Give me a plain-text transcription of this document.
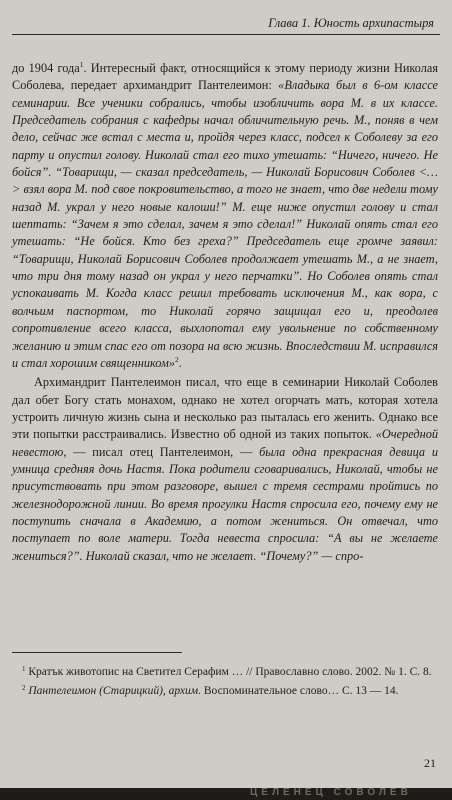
Глава 1. Юность архипастыря

до 1904 года$^1$. Интересный факт, относящийся к этому периоду жизни Николая Соболева, передает архимандрит Пантелеимон: «Владыка был в 6-ом классе семинарии. Все ученики собрались, чтобы изобличить вора М. в их классе. Председатель собрания с кафедры начал обличительную речь. М., поняв в чем дело, сейчас же встал с места и, пройдя через класс, подсел к Соболеву за его парту и опустил голову. Николай стал его тихо утешать: “Ничего, ничего. Не бойся”. “Товарищи, — сказал председатель, — Николай Борисович Соболев <…> взял вора М. под свое покровительство, а того не знает, что две недели тому назад М. украл у него новые калоши!” М. еще ниже опустил голову и стал шептать: “Зачем я это сделал, зачем я это сделал!” Николай опять стал его утешать: “Не бойся. Кто без греха?” Председатель еще громче заявил: “Товарищи, Николай Борисович Соболев продолжает утешать М., а не знает, что три дня тому назад он украл у него перчатки”. Но Соболев опять стал успокаивать М. Когда класс решил требовать исключения М., как вора, с волчьим паспортом, то Николай горячо защищал его и, преодолев сопротивление всего класса, выхлопотал ему увольнение по собственному желанию и этим спас его от позора на всю жизнь. Впоследствии М. исправился и стал хорошим священником»$^2$.

Архимандрит Пантелеимон писал, что еще в семинарии Николай Соболев дал обет Богу стать монахом, однако не хотел огорчать мать, которая хотела устроить личную жизнь сына и несколько раз пыталась его женить. Однако все эти попытки расстраивались. Известно об одной из таких попыток. «Очередной невестою, — писал отец Пантелеимон, — была одна прекрасная девица и умница средняя дочь Настя. Пока родители сговаривались, Николай, чтобы не присутствовать при этом разговоре, вышел с тремя сестрами пройтись по железнодорожной линии. Во время прогулки Настя спросила его, почему ему не поступить сначала в Академию, а потом жениться. Он отвечал, что поступает по воле матери. Тогда невеста спросила: “А вы не желаете жениться?”. Николай сказал, что не желает. “Почему?” — спро-

$^1$ Кратък животопис на Светител Серафим … // Православно слово. 2002. № 1. С. 8.

$^2$ Пантелеимон (Старицкий), архим. Воспоминательное слово… С. 13 — 14.

21
ЦЕЛЕНЕЦ СОВОЛЕВ
